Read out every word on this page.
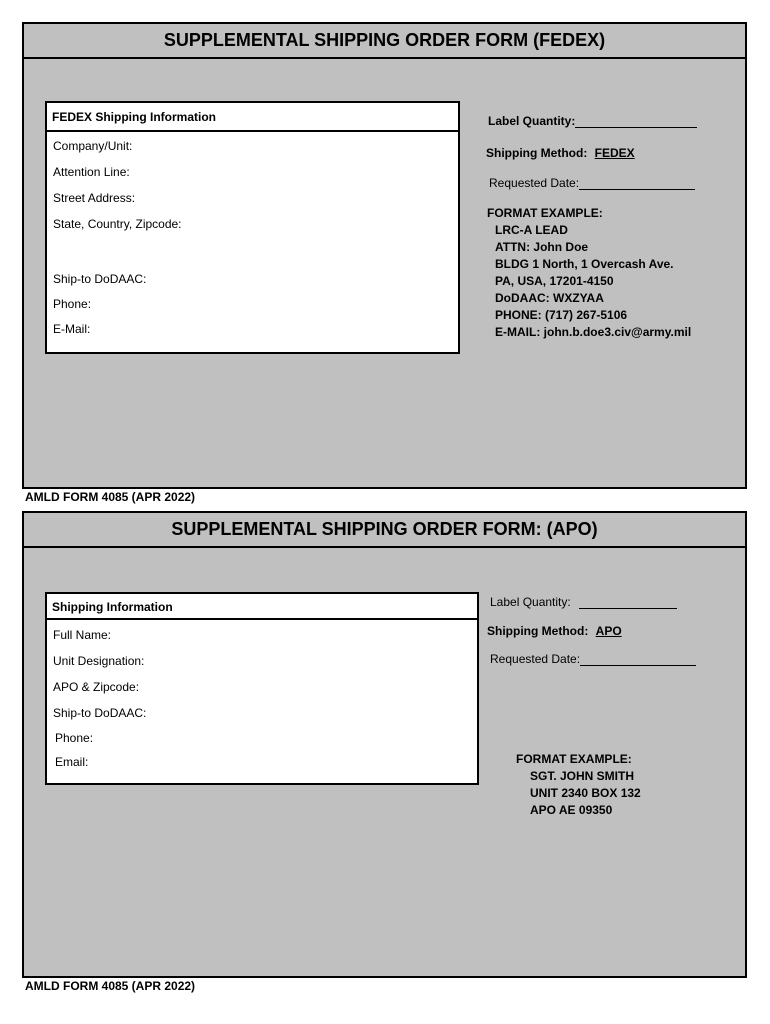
SUPPLEMENTAL SHIPPING ORDER FORM (FEDEX)
FEDEX Shipping Information
Company/Unit:
Attention Line:
Street Address:
State, Country, Zipcode:
Ship-to DoDAAC:
Phone:
E-Mail:
Label Quantity:
Shipping Method: FEDEX
Requested Date:
FORMAT EXAMPLE:
LRC-A LEAD
ATTN: John Doe
BLDG 1 North, 1 Overcash Ave.
PA, USA, 17201-4150
DoDAAC: WXZYAA
PHONE: (717) 267-5106
E-MAIL: john.b.doe3.civ@army.mil
AMLD FORM 4085 (APR 2022)
SUPPLEMENTAL SHIPPING ORDER FORM: (APO)
Shipping Information
Full Name:
Unit Designation:
APO & Zipcode:
Ship-to DoDAAC:
Phone:
Email:
Label Quantity:
Shipping Method: APO
Requested Date:
FORMAT EXAMPLE:
SGT. JOHN SMITH
UNIT 2340 BOX 132
APO AE 09350
AMLD FORM 4085 (APR 2022)
